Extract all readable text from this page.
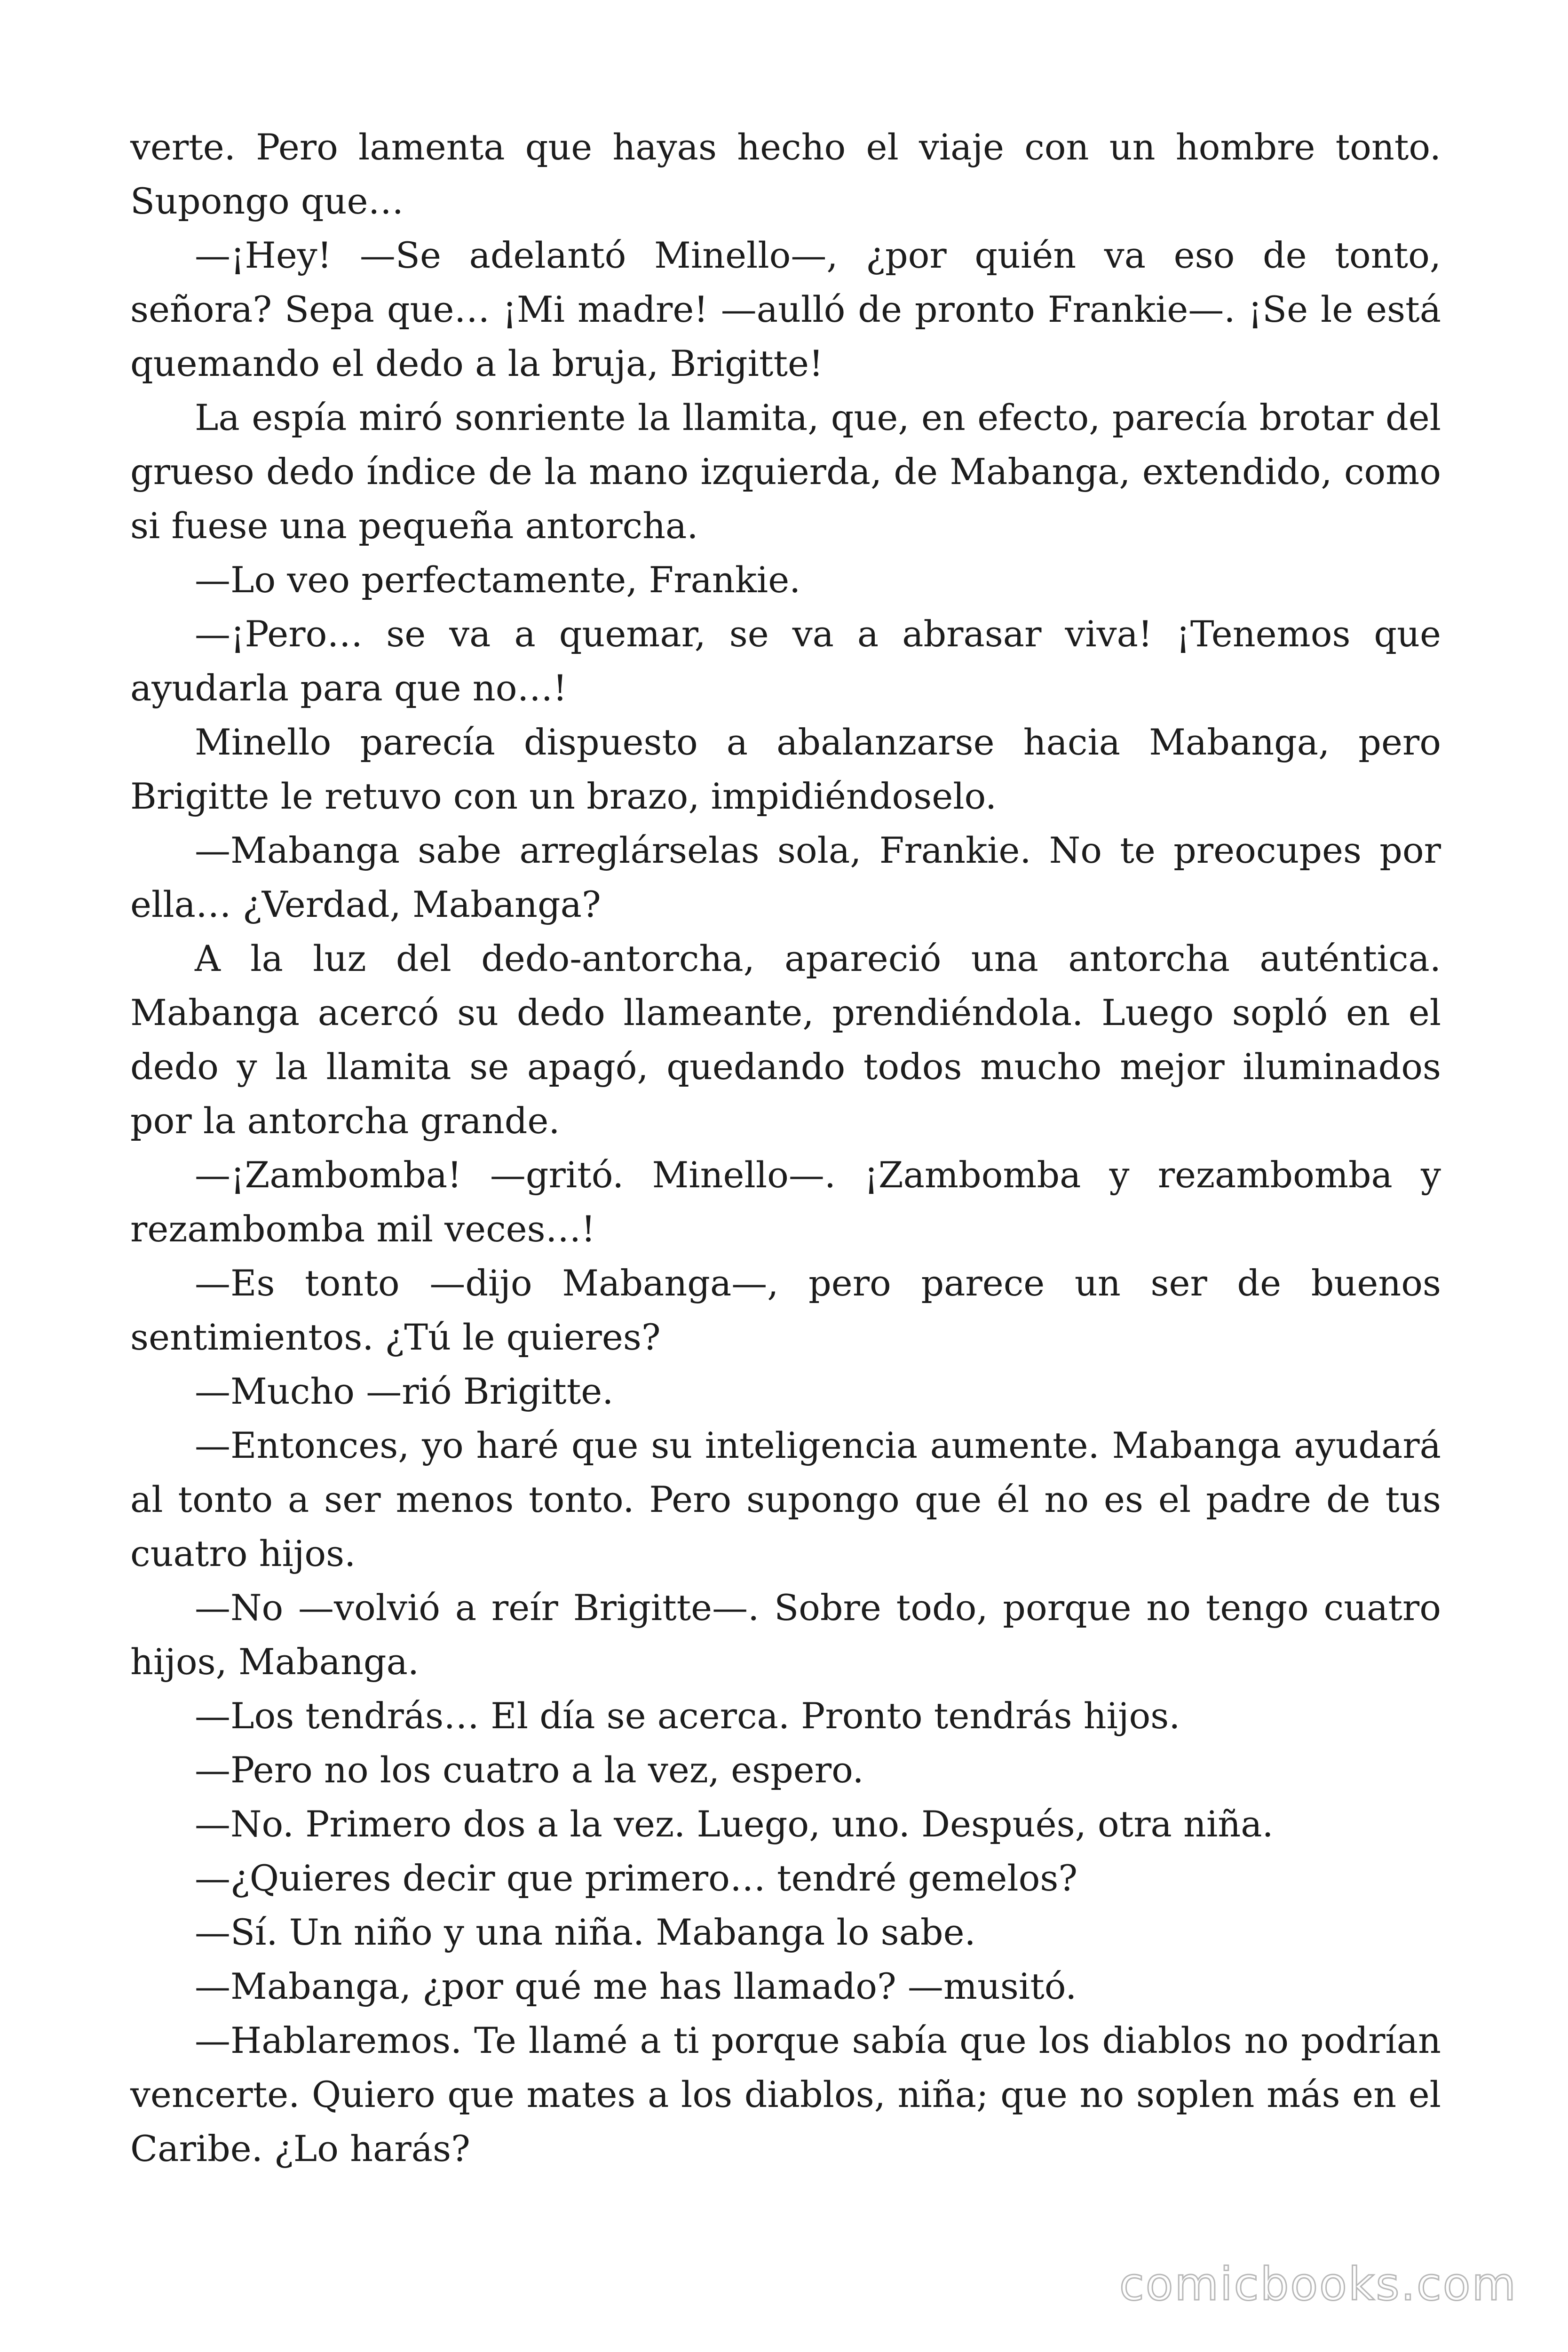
verte. Pero lamenta que hayas hecho el viaje con un hombre tonto. Supongo que…

—¡Hey! —Se adelantó Minello—, ¿por quién va eso de tonto, señora? Sepa que… ¡Mi madre! —aulló de pronto Frankie—. ¡Se le está quemando el dedo a la bruja, Brigitte!

La espía miró sonriente la llamita, que, en efecto, parecía brotar del grueso dedo índice de la mano izquierda, de Mabanga, extendido, como si fuese una pequeña antorcha.

—Lo veo perfectamente, Frankie.

—¡Pero… se va a quemar, se va a abrasar viva! ¡Tenemos que ayudarla para que no…!

Minello parecía dispuesto a abalanzarse hacia Mabanga, pero Brigitte le retuvo con un brazo, impidiéndoselo.

—Mabanga sabe arreglárselas sola, Frankie. No te preocupes por ella… ¿Verdad, Mabanga?

A la luz del dedo-antorcha, apareció una antorcha auténtica. Mabanga acercó su dedo llameante, prendiéndola. Luego sopló en el dedo y la llamita se apagó, quedando todos mucho mejor iluminados por la antorcha grande.

—¡Zambomba! —gritó. Minello—. ¡Zambomba y rezambomba y rezambomba mil veces…!

—Es tonto —dijo Mabanga—, pero parece un ser de buenos sentimientos. ¿Tú le quieres?

—Mucho —rió Brigitte.

—Entonces, yo haré que su inteligencia aumente. Mabanga ayudará al tonto a ser menos tonto. Pero supongo que él no es el padre de tus cuatro hijos.

—No —volvió a reír Brigitte—. Sobre todo, porque no tengo cuatro hijos, Mabanga.

—Los tendrás… El día se acerca. Pronto tendrás hijos.

—Pero no los cuatro a la vez, espero.

—No. Primero dos a la vez. Luego, uno. Después, otra niña.

—¿Quieres decir que primero… tendré gemelos?

—Sí. Un niño y una niña. Mabanga lo sabe.

—Mabanga, ¿por qué me has llamado? —musitó.

—Hablaremos. Te llamé a ti porque sabía que los diablos no podrían vencerte. Quiero que mates a los diablos, niña; que no soplen más en el Caribe. ¿Lo harás?

comicbooks.com
